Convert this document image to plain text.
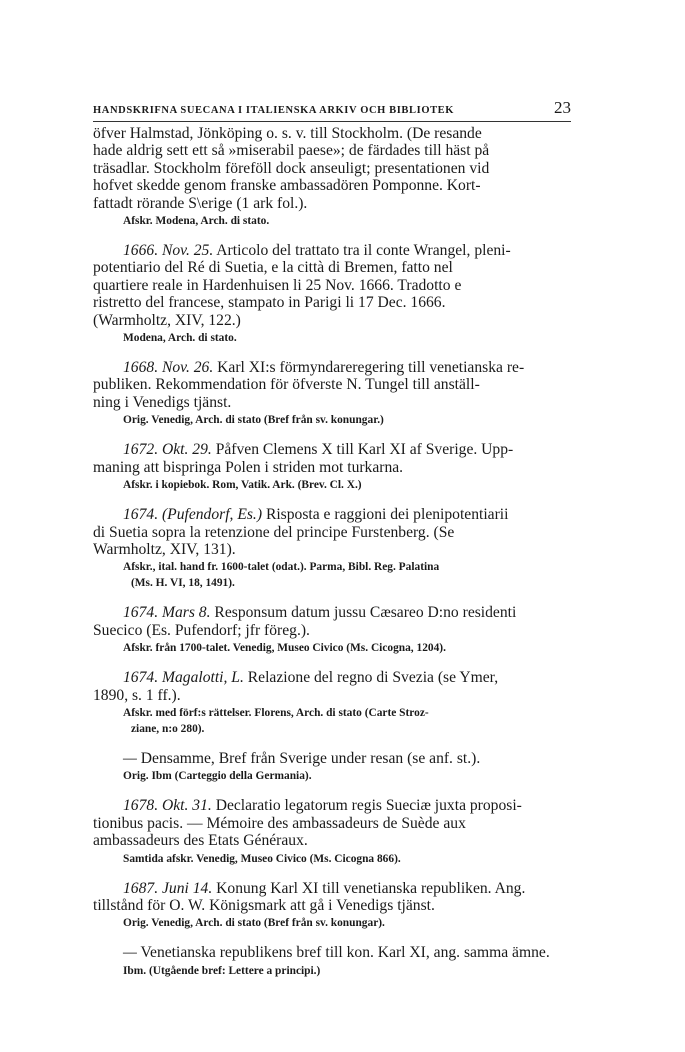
HANDSKRIFNA SUECANA I ITALIENSKA ARKIV OCH BIBLIOTEK	23
öfver Halmstad, Jönköping o. s. v. till Stockholm. (De resande
hade aldrig sett ett så »miserabil paese»; de färdades till häst på
träsadlar. Stockholm föreföll dock anseuligt; presentationen vid
hofvet skedde genom franske ambassadören Pomponne. Kort-
fattadt rörande S\erige (1 ark fol.).
Afskr. Modena, Arch. di stato.
1666. Nov. 25. Articolo del trattato tra il conte Wrangel, pleni-
potentiario del Ré di Suetia, e la città di Bremen, fatto nel
quartiere reale in Hardenhuisen li 25 Nov. 1666. Tradotto e
ristretto del francese, stampato in Parigi li 17 Dec. 1666.
(Warmholtz, XIV, 122.)
Modena, Arch. di stato.
1668. Nov. 26. Karl XI:s förmyndareregering till venetianska re-
publiken. Rekommendation för öfverste N. Tungel till anställ-
ning i Venedigs tjänst.
Orig. Venedig, Arch. di stato (Bref från sv. konungar.)
1672. Okt. 29. Påfven Clemens X till Karl XI af Sverige. Upp-
maning att bispringa Polen i striden mot turkarna.
Afskr. i kopiebok. Rom, Vatik. Ark. (Brev. Cl. X.)
1674. (Pufendorf, Es.) Risposta e raggioni dei plenipotentiarii
di Suetia sopra la retenzione del principe Furstenberg. (Se
Warmholtz, XIV, 131).
Afskr., ital. hand fr. 1600-talet (odat.). Parma, Bibl. Reg. Palatina
(Ms. H. VI, 18, 1491).
1674. Mars 8. Responsum datum jussu Cæsareo D:no residenti
Suecico (Es. Pufendorf; jfr föreg.).
Afskr. från 1700-talet. Venedig, Museo Civico (Ms. Cicogna, 1204).
1674. Magalotti, L. Relazione del regno di Svezia (se Ymer,
1890, s. 1 ff.).
Afskr. med förf:s rättelser. Florens, Arch. di stato (Carte Stroz-
ziane, n:o 280).
— Densamme, Bref från Sverige under resan (se anf. st.).
Orig. Ibm (Carteggio della Germania).
1678. Okt. 31. Declaratio legatorum regis Sueciæ juxta proposi-
tionibus pacis. — Mémoire des ambassadeurs de Suède aux
ambassadeurs des Etats Généraux.
Samtida afskr. Venedig, Museo Civico (Ms. Cicogna 866).
1687. Juni 14. Konung Karl XI till venetianska republiken. Ang.
tillstånd för O. W. Königsmark att gå i Venedigs tjänst.
Orig. Venedig, Arch. di stato (Bref från sv. konungar).
— Venetianska republikens bref till kon. Karl XI, ang. samma ämne.
Ibm. (Utgående bref: Lettere a principi.)
